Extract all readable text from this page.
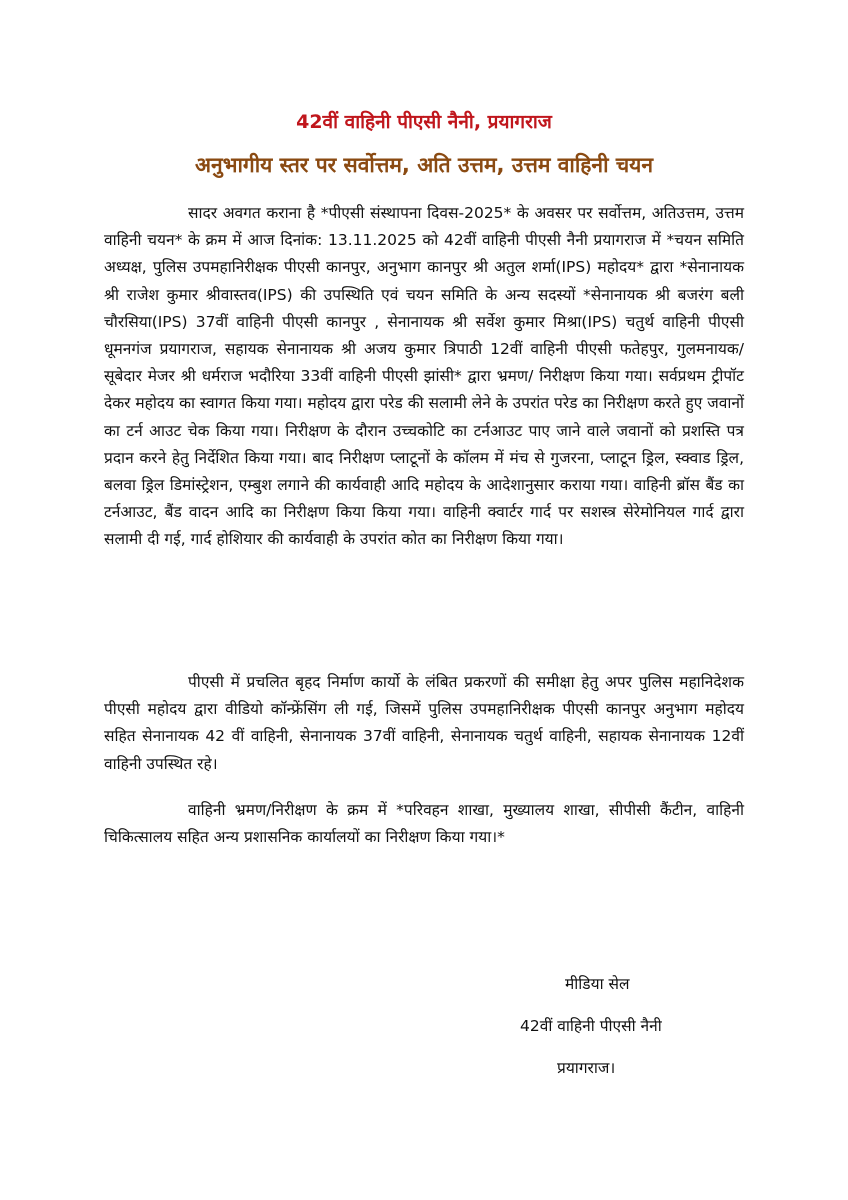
42वीं वाहिनी पीएसी नैनी, प्रयागराज
अनुभागीय स्तर पर सर्वोत्तम, अति उत्तम, उत्तम वाहिनी चयन

सादर अवगत कराना है *पीएसी संस्थापना दिवस-2025* के अवसर पर सर्वोत्तम, अतिउत्तम, उत्तम वाहिनी चयन* के क्रम में आज दिनांक: 13.11.2025 को 42वीं वाहिनी पीएसी नैनी प्रयागराज में *चयन समिति अध्यक्ष, पुलिस उपमहानिरीक्षक पीएसी कानपुर, अनुभाग कानपुर श्री अतुल शर्मा(IPS) महोदय* द्वारा *सेनानायक श्री राजेश कुमार श्रीवास्तव(IPS) की उपस्थिति एवं चयन समिति के अन्य सदस्यों *सेनानायक श्री बजरंग बली चौरसिया(IPS) 37वीं वाहिनी पीएसी कानपुर , सेनानायक श्री सर्वेश कुमार मिश्रा(IPS) चतुर्थ वाहिनी पीएसी धूमनगंज प्रयागराज, सहायक सेनानायक श्री अजय कुमार त्रिपाठी 12वीं वाहिनी पीएसी फतेहपुर, गुलमनायक/सूबेदार मेजर श्री धर्मराज भदौरिया 33वीं वाहिनी पीएसी झांसी* द्वारा भ्रमण/ निरीक्षण किया गया। सर्वप्रथम ट्रीपॉट देकर महोदय का स्वागत किया गया। महोदय द्वारा परेड की सलामी लेने के उपरांत परेड का निरीक्षण करते हुए जवानों का टर्न आउट चेक किया गया। निरीक्षण के दौरान उच्चकोटि का टर्नआउट पाए जाने वाले जवानों को प्रशस्ति पत्र प्रदान करने हेतु निर्देशित किया गया। बाद निरीक्षण प्लाटूनों के कॉलम में मंच से गुजरना, प्लाटून ड्रिल, स्क्वाड ड्रिल, बलवा ड्रिल डिमांस्ट्रेशन, एम्बुश लगाने की कार्यवाही आदि महोदय के आदेशानुसार कराया गया। वाहिनी ब्रॉस बैंड का टर्नआउट, बैंड वादन आदि का निरीक्षण किया किया गया। वाहिनी क्वार्टर गार्द पर सशस्त्र सेरेमोनियल गार्द द्वारा सलामी दी गई, गार्द होशियार की कार्यवाही के उपरांत कोत का निरीक्षण किया गया।

पीएसी में प्रचलित बृहद निर्माण कार्यो के लंबित प्रकरणों की समीक्षा हेतु अपर पुलिस महानिदेशक पीएसी महोदय द्वारा वीडियो कॉन्फ्रेंसिंग ली गई, जिसमें पुलिस उपमहानिरीक्षक पीएसी कानपुर अनुभाग महोदय सहित सेनानायक 42 वीं वाहिनी, सेनानायक 37वीं वाहिनी, सेनानायक चतुर्थ वाहिनी, सहायक सेनानायक 12वीं वाहिनी उपस्थित रहे।

वाहिनी भ्रमण/निरीक्षण के क्रम में *परिवहन शाखा, मुख्यालय शाखा, सीपीसी कैंटीन, वाहिनी चिकित्सालय सहित अन्य प्रशासनिक कार्यालयों का निरीक्षण किया गया।*

मीडिया सेल

42वीं वाहिनी पीएसी नैनी

प्रयागराज।
